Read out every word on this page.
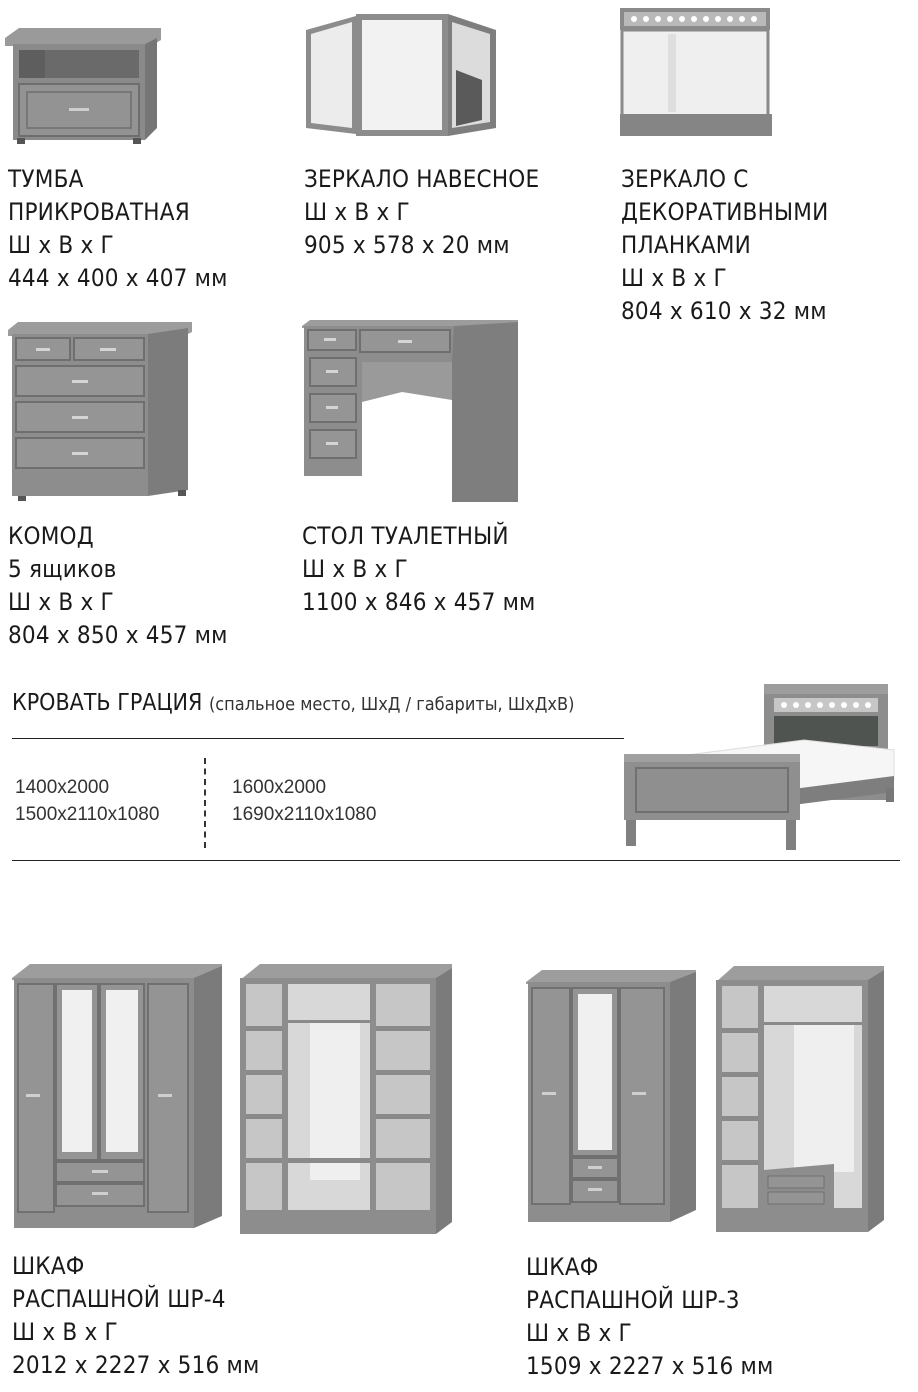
ТУМБА
ПРИКРОВАТНАЯ
Ш х В х Г
444 х 400 х 407 мм
ЗЕРКАЛО НАВЕСНОЕ
Ш х В х Г
905 х 578 х 20 мм
ЗЕРКАЛО С
ДЕКОРАТИВНЫМИ
ПЛАНКАМИ
Ш х В х Г
804 х 610 х 32 мм
КОМОД
5 ящиков
Ш х В х Г
804 х 850 х 457 мм
СТОЛ ТУАЛЕТНЫЙ
Ш х В х Г
1100 х 846 х 457 мм
КРОВАТЬ ГРАЦИЯ (спальное место, ШхД / габариты, ШхДхВ)
1400x2000
1500x2110x1080
1600x2000
1690x2110x1080
ШКАФ
РАСПАШНОЙ ШР-4
Ш х В х Г
2012 х 2227 х 516 мм
ШКАФ
РАСПАШНОЙ ШР-3
Ш х В х Г
1509 х 2227 х 516 мм
